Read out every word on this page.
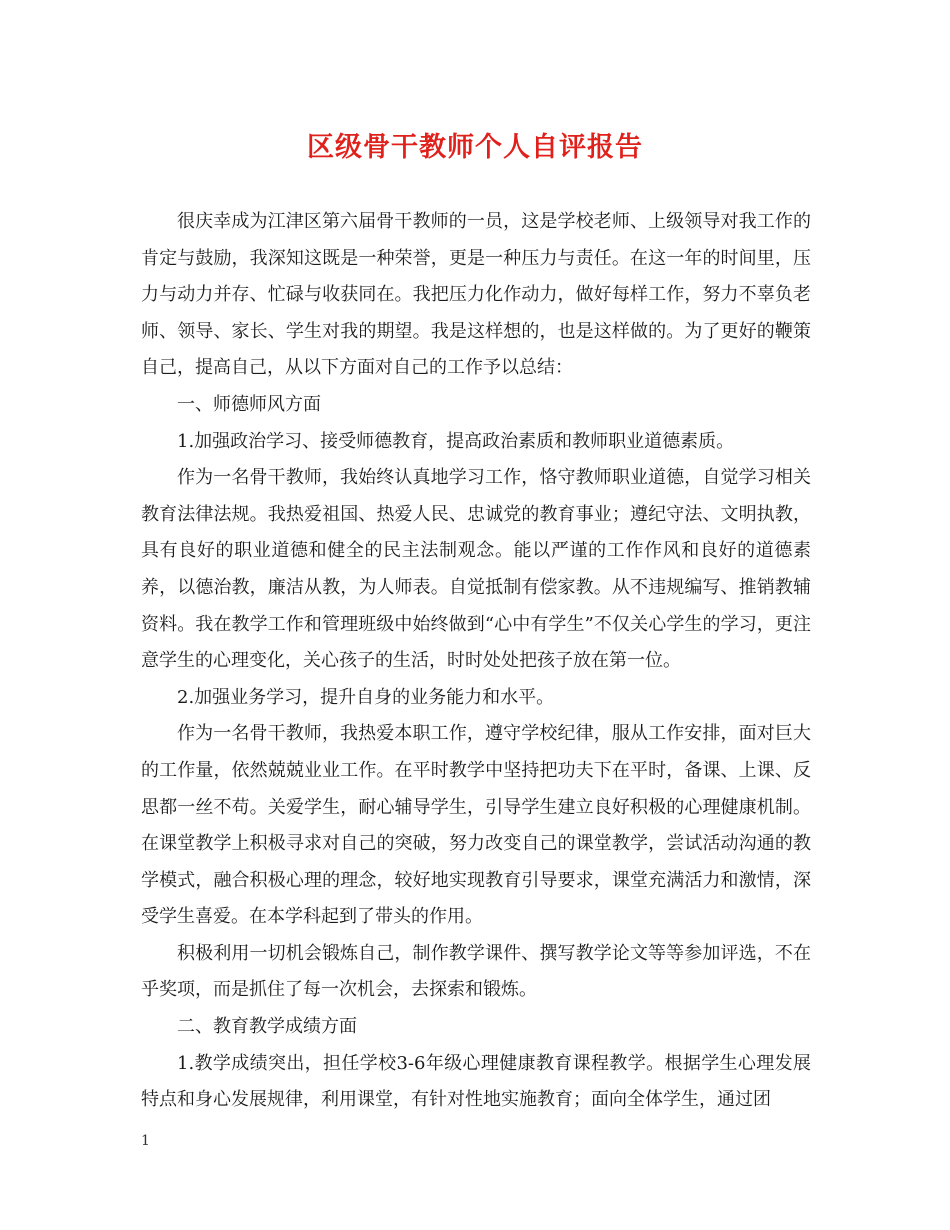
区级骨干教师个人自评报告

很庆幸成为江津区第六届骨干教师的一员，这是学校老师、上级领导对我工作的肯定与鼓励，我深知这既是一种荣誉，更是一种压力与责任。在这一年的时间里，压力与动力并存、忙碌与收获同在。我把压力化作动力，做好每样工作，努力不辜负老师、领导、家长、学生对我的期望。我是这样想的，也是这样做的。为了更好的鞭策自己，提高自己，从以下方面对自己的工作予以总结：

一、师德师风方面

1.加强政治学习、接受师德教育，提高政治素质和教师职业道德素质。

作为一名骨干教师，我始终认真地学习工作，恪守教师职业道德，自觉学习相关教育法律法规。我热爱祖国、热爱人民、忠诚党的教育事业；遵纪守法、文明执教，具有良好的职业道德和健全的民主法制观念。能以严谨的工作作风和良好的道德素养，以德治教，廉洁从教，为人师表。自觉抵制有偿家教。从不违规编写、推销教辅资料。我在教学工作和管理班级中始终做到“心中有学生”不仅关心学生的学习，更注意学生的心理变化，关心孩子的生活，时时处处把孩子放在第一位。

2.加强业务学习，提升自身的业务能力和水平。

作为一名骨干教师，我热爱本职工作，遵守学校纪律，服从工作安排，面对巨大的工作量，依然兢兢业业工作。在平时教学中坚持把功夫下在平时，备课、上课、反思都一丝不苟。关爱学生，耐心辅导学生，引导学生建立良好积极的心理健康机制。在课堂教学上积极寻求对自己的突破，努力改变自己的课堂教学，尝试活动沟通的教学模式，融合积极心理的理念，较好地实现教育引导要求，课堂充满活力和激情，深受学生喜爱。在本学科起到了带头的作用。

积极利用一切机会锻炼自己，制作教学课件、撰写教学论文等等参加评选，不在乎奖项，而是抓住了每一次机会，去探索和锻炼。

二、教育教学成绩方面

1.教学成绩突出，担任学校3-6年级心理健康教育课程教学。根据学生心理发展特点和身心发展规律，利用课堂，有针对性地实施教育；面向全体学生，通过团

1
